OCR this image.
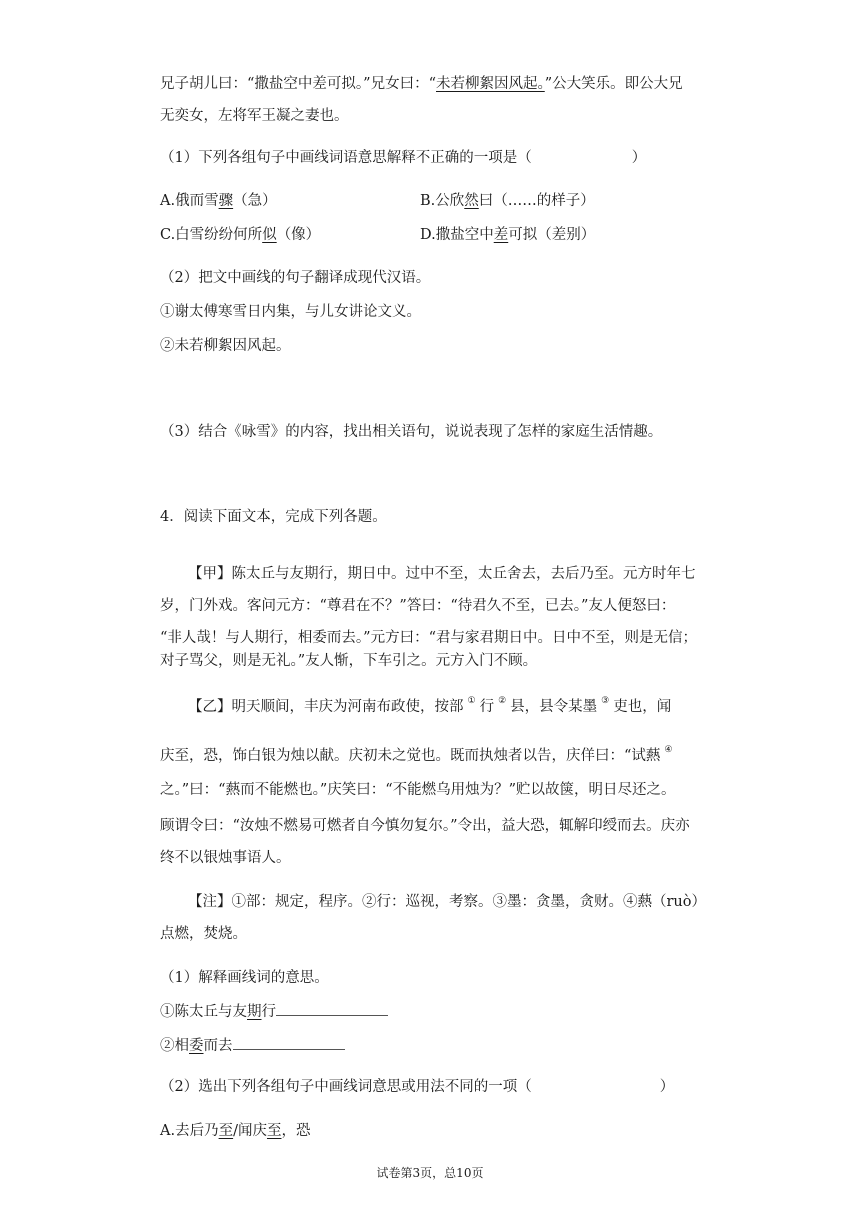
兄子胡儿曰：“撒盐空中差可拟。”兄女曰：“未若柳絮因风起。”公大笑乐。即公大兄
无奕女，左将军王凝之妻也。
（1）下列各组句子中画线词语意思解释不正确的一项是（	）
A.俄而雪骤（急）	B.公欣然曰（……的样子）
C.白雪纷纷何所似（像）	D.撒盐空中差可拟（差别）
（2）把文中画线的句子翻译成现代汉语。
①谢太傅寒雪日内集，与儿女讲论文义。
②未若柳絮因风起。
（3）结合《咏雪》的内容，找出相关语句，说说表现了怎样的家庭生活情趣。
4．阅读下面文本，完成下列各题。
【甲】陈太丘与友期行，期日中。过中不至，太丘舍去，去后乃至。元方时年七
岁，门外戏。客问元方：“尊君在不？”答曰：“待君久不至，已去。”友人便怒曰：
“非人哉！与人期行，相委而去。”元方曰：“君与家君期日中。日中不至，则是无信；
对子骂父，则是无礼。”友人惭，下车引之。元方入门不顾。
【乙】明天顺间，丰庆为河南布政使，按部 ① 行 ② 县，县令某墨 ③ 吏也，闻
庆至，恐，饰白银为烛以献。庆初未之觉也。既而执烛者以告，庆佯曰：“试爇 ④
之。”曰：“爇而不能燃也。”庆笑曰：“不能燃乌用烛为？”贮以故箧，明日尽还之。
顾谓令曰：“汝烛不燃易可燃者自今慎勿复尔。”令出，益大恐，辄解印绶而去。庆亦
终不以银烛事语人。
【注】①部：规定，程序。②行：巡视，考察。③墨：贪墨，贪财。④爇（ruò）
点燃，焚烧。
（1）解释画线词的意思。
①陈太丘与友期行
②相委而去
（2）选出下列各组句子中画线词意思或用法不同的一项（	）
A.去后乃至/闻庆至，恐
试卷第3页，总10页
